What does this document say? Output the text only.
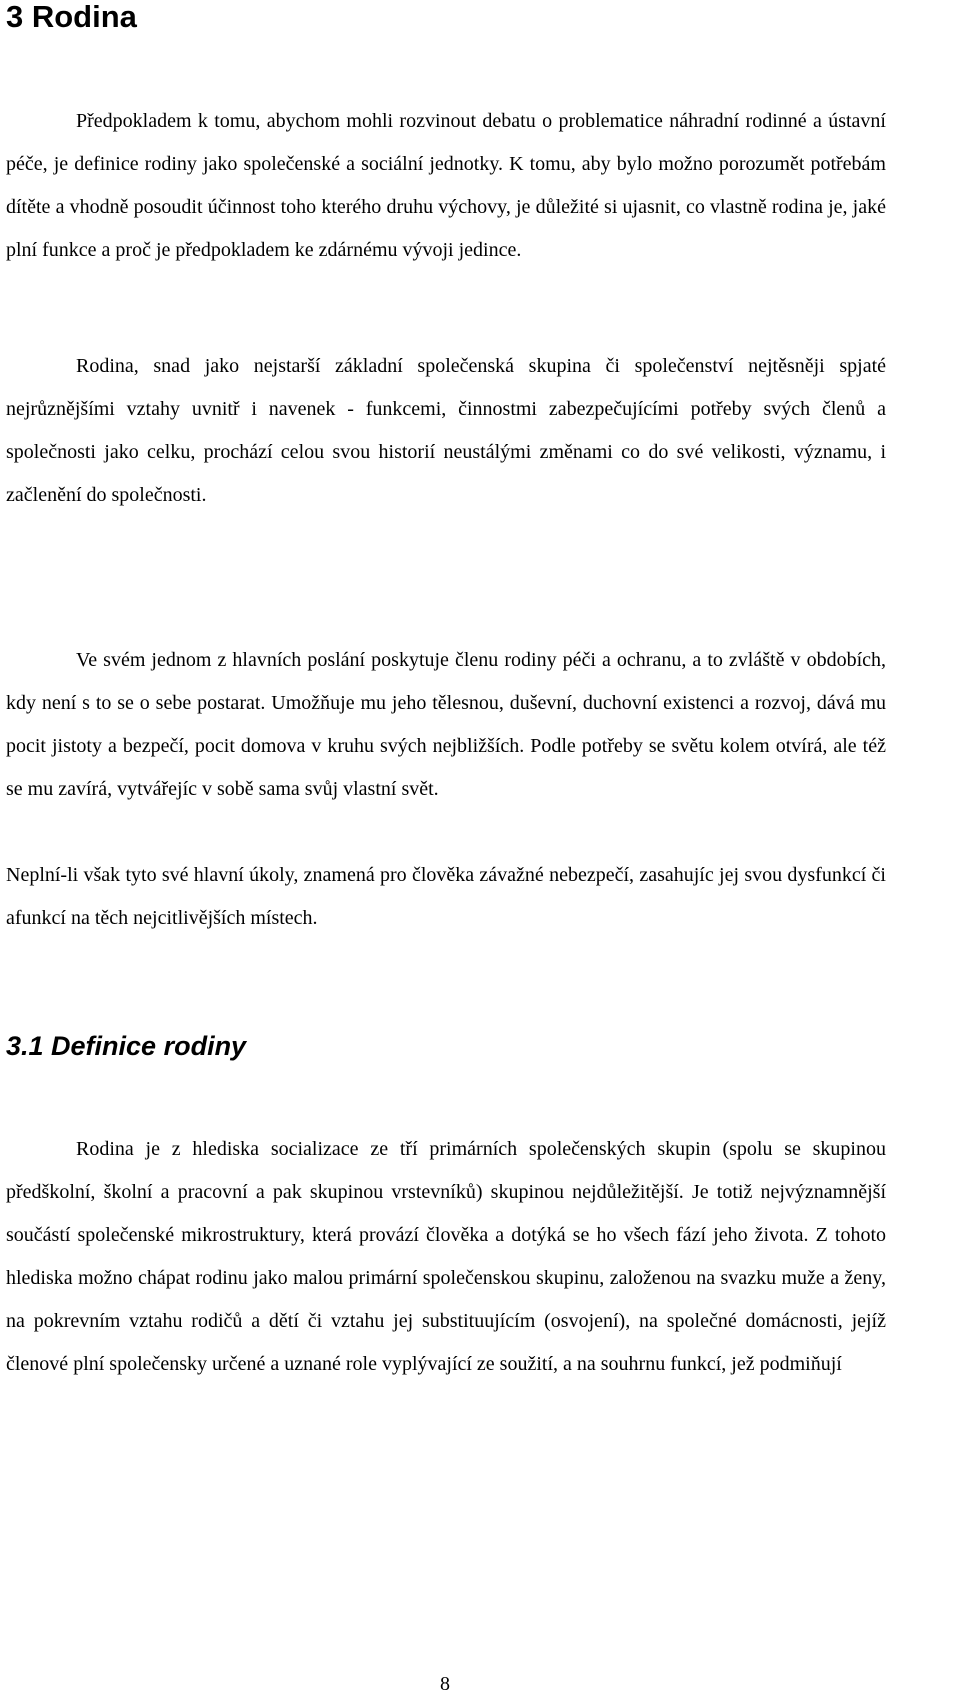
3 Rodina

Předpokladem k tomu, abychom mohli rozvinout debatu o problematice náhradní rodinné a ústavní péče, je definice rodiny jako společenské a sociální jednotky. K tomu, aby bylo možno porozumět potřebám dítěte a vhodně posoudit účinnost toho kterého druhu výchovy, je důležité si ujasnit, co vlastně rodina je, jaké plní funkce a proč je předpokladem ke zdárnému vývoji jedince.

Rodina, snad jako nejstarší základní společenská skupina či společenství nejtěsněji spjaté nejrůznějšími vztahy uvnitř i navenek - funkcemi, činnostmi zabezpečujícími potřeby svých členů a společnosti jako celku, prochází celou svou historií neustálými změnami co do své velikosti, významu, i začlenění do společnosti.

Ve svém jednom z hlavních poslání poskytuje členu rodiny péči a ochranu, a to zvláště v obdobích, kdy není s to se o sebe postarat. Umožňuje mu jeho tělesnou, duševní, duchovní existenci a rozvoj, dává mu pocit jistoty a bezpečí, pocit domova v kruhu svých nejbližších. Podle potřeby se světu kolem otvírá, ale též se mu zavírá, vytvářejíc v sobě sama svůj vlastní svět.

Neplní-li však tyto své hlavní úkoly, znamená pro člověka závažné nebezpečí, zasahujíc jej svou dysfunkcí či afunkcí na těch nejcitlivějších místech.

3.1 Definice rodiny

Rodina je z hlediska socializace ze tří primárních společenských skupin (spolu se skupinou předškolní, školní a pracovní a pak skupinou vrstevníků) skupinou nejdůležitější. Je totiž nejvýznamnější součástí společenské mikrostruktury, která provází člověka a dotýká se ho všech fází jeho života. Z tohoto hlediska možno chápat rodinu jako malou primární společenskou skupinu, založenou na svazku muže a ženy, na pokrevním vztahu rodičů a dětí či vztahu jej substituujícím (osvojení), na společné domácnosti, jejíž členové plní společensky určené a uznané role vyplývající ze soužití, a na souhrnu funkcí, jež podmiňují

8
